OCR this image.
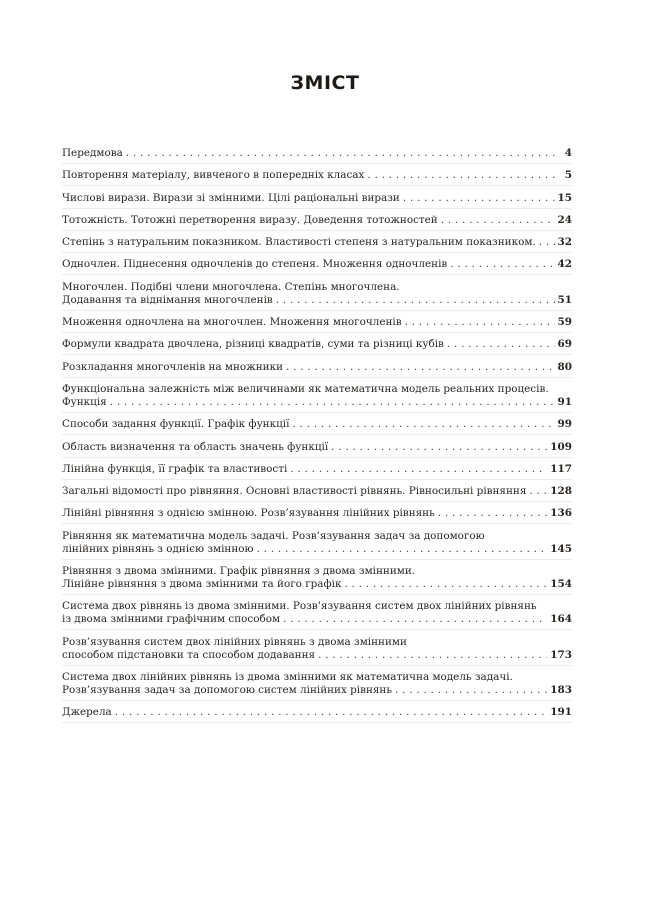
ЗМІСТ
Передмова . . .	4
Повторення матеріалу, вивченого в попередніх класах . . .	5
Числові вирази. Вирази зі змінними. Цілі раціональні вирази . . .	15
Тотожність. Тотожні перетворення виразу. Доведення тотожностей . . .	24
Степінь з натуральним показником. Властивості степеня з натуральним показником. . . . 32
Одночлен. Піднесення одночленів до степеня. Множення одночленів . . .	42
Многочлен. Подібні члени многочлена. Степінь многочлена.
Додавання та віднімання многочленів . . .	51
Множення одночлена на многочлен. Множення многочленів . . .	59
Формули квадрата двочлена, різниці квадратів, суми та різниці кубів . . .	69
Розкладання многочленів на множники . . .	80
Функціональна залежність між величинами як математична модель реальних процесів.
Функція . . .	91
Способи задання функції. Графік функції . . .	99
Область визначення та область значень функції . . .	109
Лінійна функція, її графік та властивості . . .	117
Загальні відомості про рівняння. Основні властивості рівнянь. Рівносильні рівняння . . . 128
Лінійні рівняння з однією змінною. Розв’язування лінійних рівнянь . . .	136
Рівняння як математична модель задачі. Розв’язування задач за допомогою
лінійних рівнянь з однією змінною . . .	145
Рівняння з двома змінними. Графік рівняння з двома змінними.
Лінійне рівняння з двома змінними та його графік . . .	154
Система двох рівнянь із двома змінними. Розв’язування систем двох лінійних рівнянь
із двома змінними графічним способом . . .	164
Розв’язування систем двох лінійних рівнянь з двома змінними
способом підстановки та способом додавання . . .	173
Система двох лінійних рівнянь із двома змінними як математична модель задачі.
Розв’язування задач за допомогою систем лінійних рівнянь . . .	183
Джерела . . .	191
